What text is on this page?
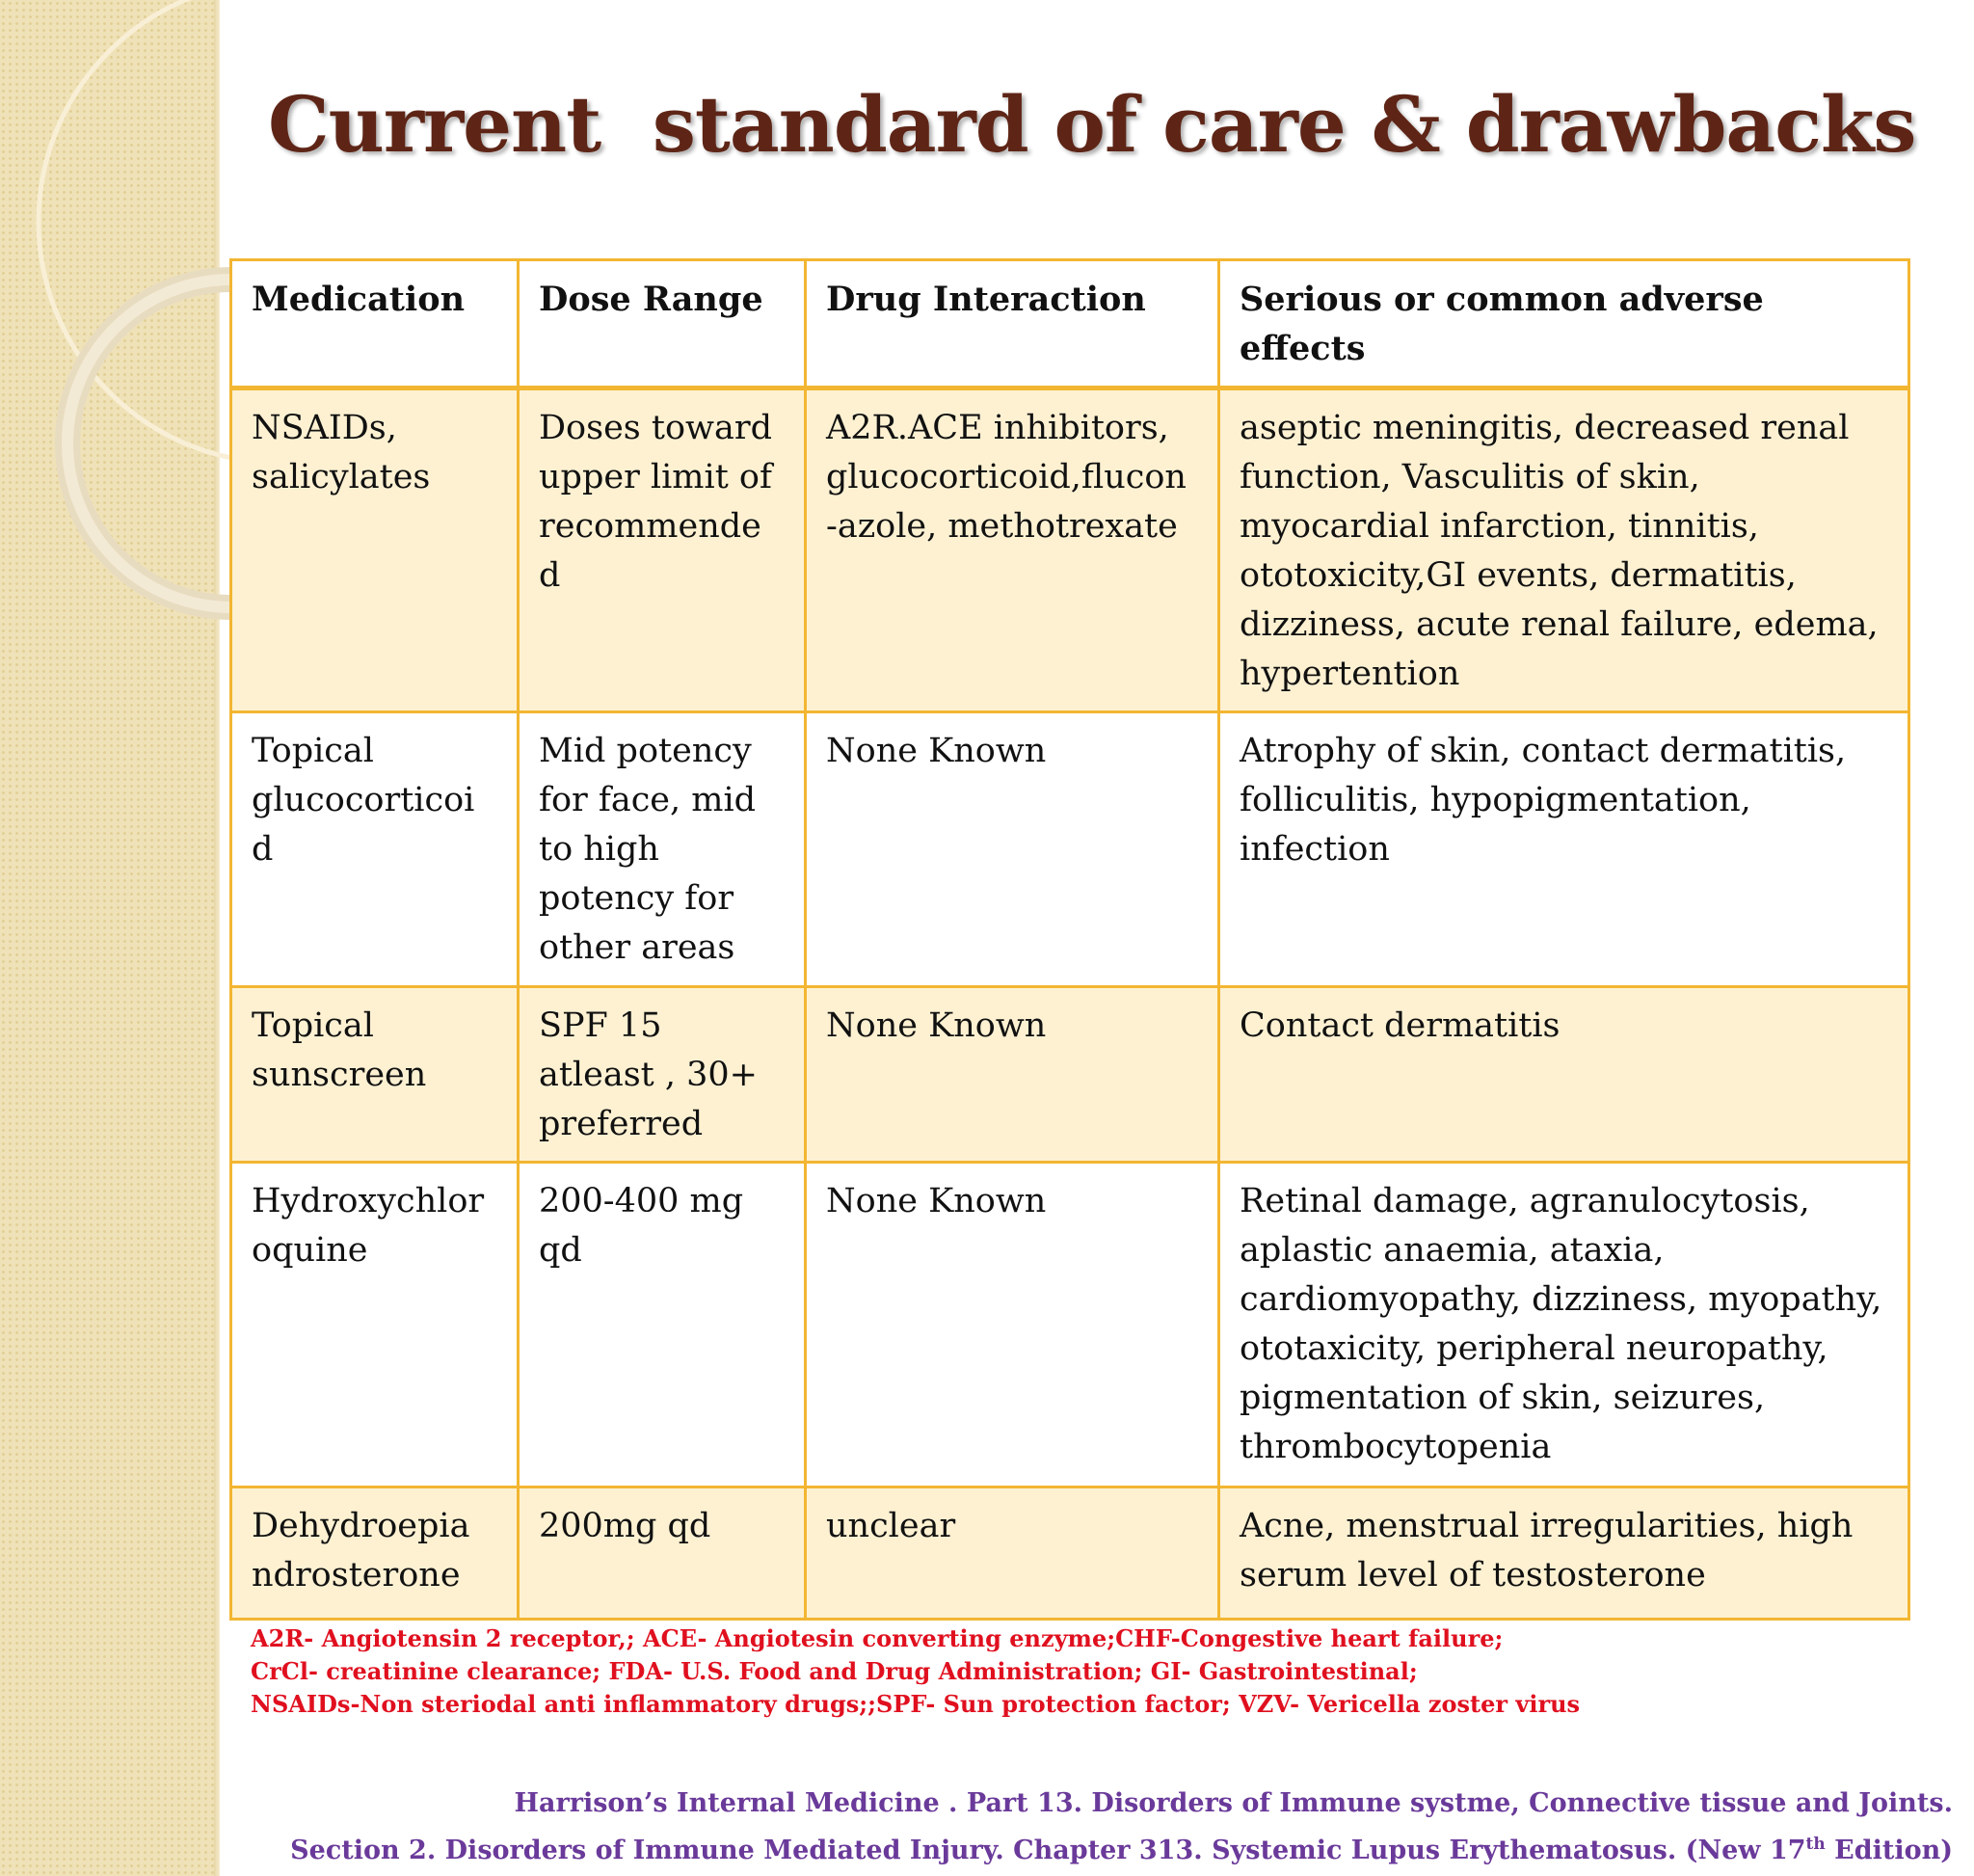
Current  standard of care & drawbacks
Medication	Dose Range	Drug Interaction	Serious or common adverse effects
NSAIDs, salicylates	Doses toward upper limit of recommende d	A2R.ACE inhibitors, glucocorticoid,flucon -azole, methotrexate	aseptic meningitis, decreased renal function, Vasculitis of skin, myocardial infarction, tinnitis, ototoxicity,GI events, dermatitis, dizziness, acute renal failure, edema, hypertention
Topical glucocorticoi d	Mid potency for face, mid to high potency for other areas	None Known	Atrophy of skin, contact dermatitis, folliculitis, hypopigmentation, infection
Topical sunscreen	SPF 15 atleast , 30+ preferred	None Known	Contact dermatitis
Hydroxychlor oquine	200-400 mg qd	None Known	Retinal damage, agranulocytosis, aplastic anaemia, ataxia, cardiomyopathy, dizziness, myopathy, ototaxicity, peripheral neuropathy, pigmentation of skin, seizures, thrombocytopenia
Dehydroepia ndrosterone	200mg qd	unclear	Acne, menstrual irregularities, high serum level of testosterone
A2R- Angiotensin 2 receptor,; ACE- Angiotesin converting enzyme;CHF-Congestive heart failure;
CrCl- creatinine clearance; FDA- U.S. Food and Drug Administration; GI- Gastrointestinal;
NSAIDs-Non steriodal anti inflammatory drugs;;SPF- Sun protection factor; VZV- Vericella zoster virus
Harrison’s Internal Medicine . Part 13. Disorders of Immune systme, Connective tissue and Joints.
Section 2. Disorders of Immune Mediated Injury. Chapter 313. Systemic Lupus Erythematosus. (New 17th Edition)
